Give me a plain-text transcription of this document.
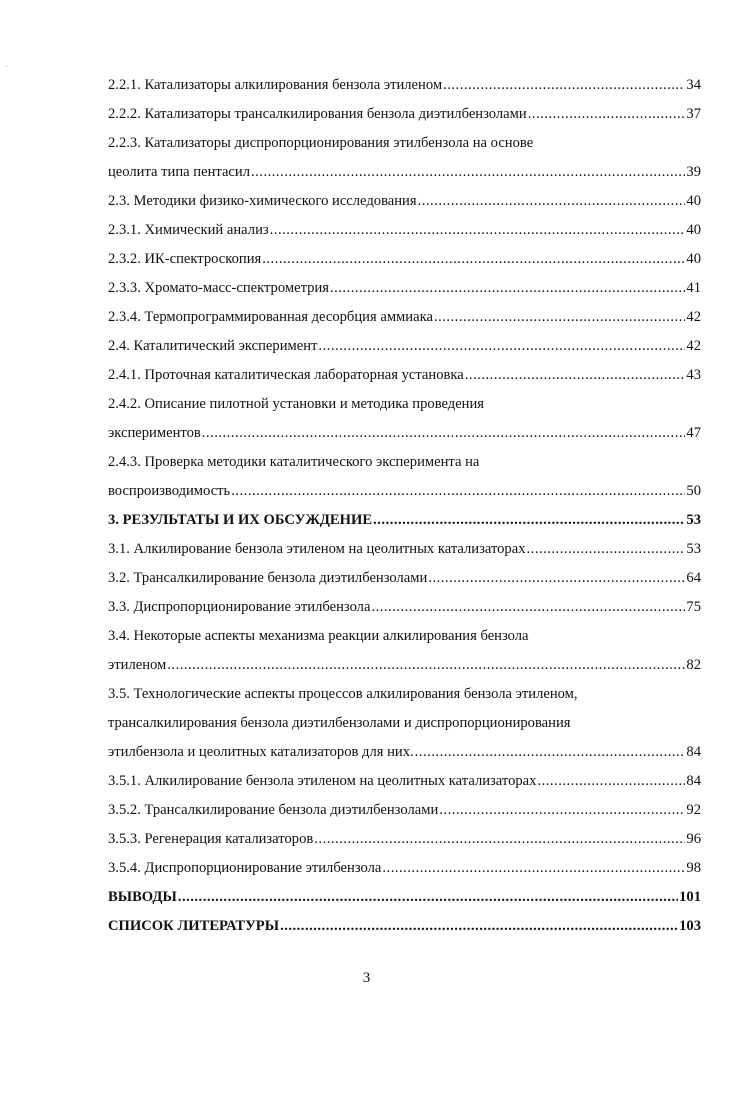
·
2.2.1. Катализаторы алкилирования бензола этиленом .....	34
2.2.2. Катализаторы трансалкилирования бензола диэтилбензолами .....	37
2.2.3. Катализаторы диспропорционирования этилбензола на основе
цеолита типа пентасил .....	39
2.3. Методики физико-химического исследования .....	40
2.3.1. Химический анализ .....	40
2.3.2. ИК-спектроскопия .....	40
2.3.3. Хромато-масс-спектрометрия .....	41
2.3.4. Термопрограммированная десорбция аммиака .....	42
2.4. Каталитический эксперимент .....	42
2.4.1. Проточная каталитическая лабораторная установка .....	43
2.4.2. Описание пилотной установки и методика проведения
экспериментов .....	47
2.4.3. Проверка методики каталитического эксперимента на
воспроизводимость .....	50
3. РЕЗУЛЬТАТЫ И ИХ ОБСУЖДЕНИЕ .....	53
3.1. Алкилирование бензола этиленом на цеолитных катализаторах .....	53
3.2. Трансалкилирование бензола диэтилбензолами .....	64
3.3. Диспропорционирование этилбензола .....	75
3.4. Некоторые аспекты механизма реакции алкилирования бензола
этиленом .....	82
3.5. Технологические аспекты процессов алкилирования бензола этиленом,
трансалкилирования бензола диэтилбензолами и диспропорционирования
этилбензола и цеолитных катализаторов для них. .....	84
3.5.1. Алкилирование бензола этиленом на цеолитных катализаторах .....	84
3.5.2. Трансалкилирование бензола диэтилбензолами .....	92
3.5.3. Регенерация катализаторов .....	96
3.5.4. Диспропорционирование этилбензола .....	98
ВЫВОДЫ .....	101
СПИСОК ЛИТЕРАТУРЫ .....	103
3
